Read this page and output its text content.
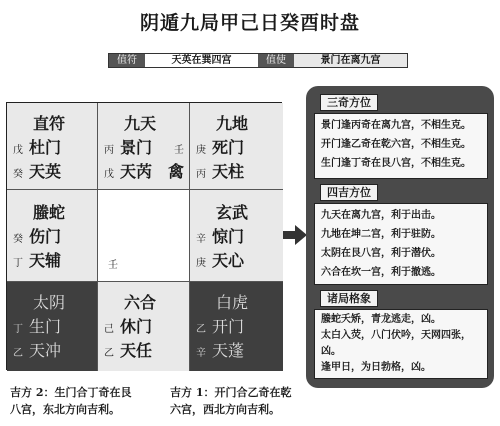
阴遁九局甲己日癸酉时盘
值符	天英在巽四宫	值使	景门在离九宫
直符
戊 杜门
癸 天英
九天
丙 景门 壬
戊 天芮 禽
九地
庚 死门
丙 天柱
螣蛇
癸 伤门
丁 天辅	壬
玄武
辛 惊门
庚 天心
太阴
丁 生门
乙 天冲
六合
己 休门
乙 天任
白虎
乙 开门
辛 天蓬
三奇方位
景门逢丙奇在离九宫，不相生克。
开门逢乙奇在乾六宫，不相生克。
生门逢丁奇在艮八宫，不相生克。
四吉方位
九天在离九宫，利于出击。
九地在坤二宫，利于驻防。
太阴在艮八宫，利于潜伏。
六合在坎一宫，利于撤逃。
诸局格象
螣蛇夭矫，青龙逃走，凶。
太白入荧，八门伏吟，天网四张，
凶。
逢甲日，为日勃格，凶。
吉方 2：生门合丁奇在艮
八宫，东北方向吉利。
吉方 1：开门合乙奇在乾
六宫，西北方向吉利。
